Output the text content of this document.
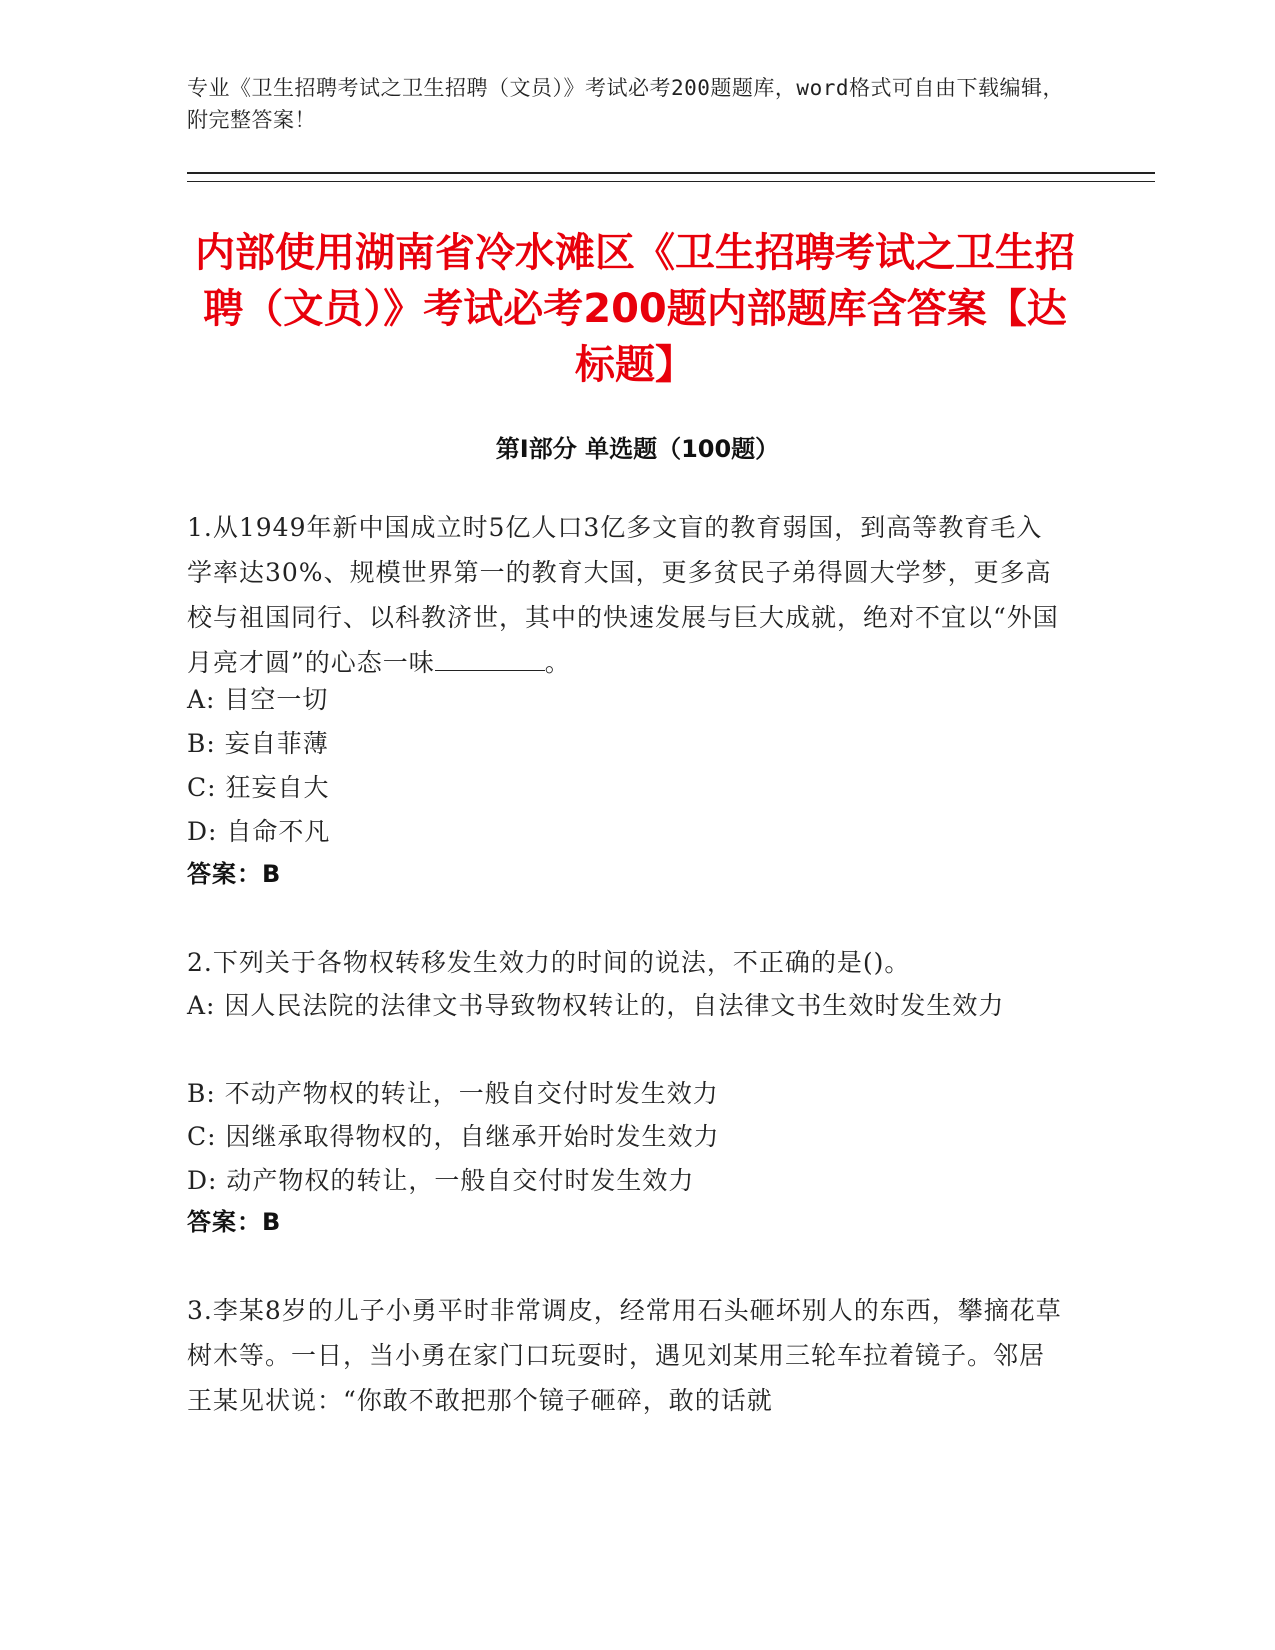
专业《卫生招聘考试之卫生招聘（文员）》考试必考200题题库，word格式可自由下载编辑，附完整答案！
内部使用湖南省冷水滩区《卫生招聘考试之卫生招聘（文员）》考试必考200题内部题库含答案【达标题】
第I部分 单选题（100题）
1.从1949年新中国成立时5亿人口3亿多文盲的教育弱国，到高等教育毛入学率达30%、规模世界第一的教育大国，更多贫民子弟得圆大学梦，更多高校与祖国同行、以科教济世，其中的快速发展与巨大成就，绝对不宜以“外国月亮才圆”的心态一味	。
A: 目空一切
B: 妄自菲薄
C: 狂妄自大
D: 自命不凡
答案：B
2.下列关于各物权转移发生效力的时间的说法，不正确的是()。
A: 因人民法院的法律文书导致物权转让的，自法律文书生效时发生效力
B: 不动产物权的转让，一般自交付时发生效力
C: 因继承取得物权的，自继承开始时发生效力
D: 动产物权的转让，一般自交付时发生效力
答案：B
3.李某8岁的儿子小勇平时非常调皮，经常用石头砸坏别人的东西，攀摘花草树木等。一日，当小勇在家门口玩耍时，遇见刘某用三轮车拉着镜子。邻居王某见状说：“你敢不敢把那个镜子砸碎，敢的话就
